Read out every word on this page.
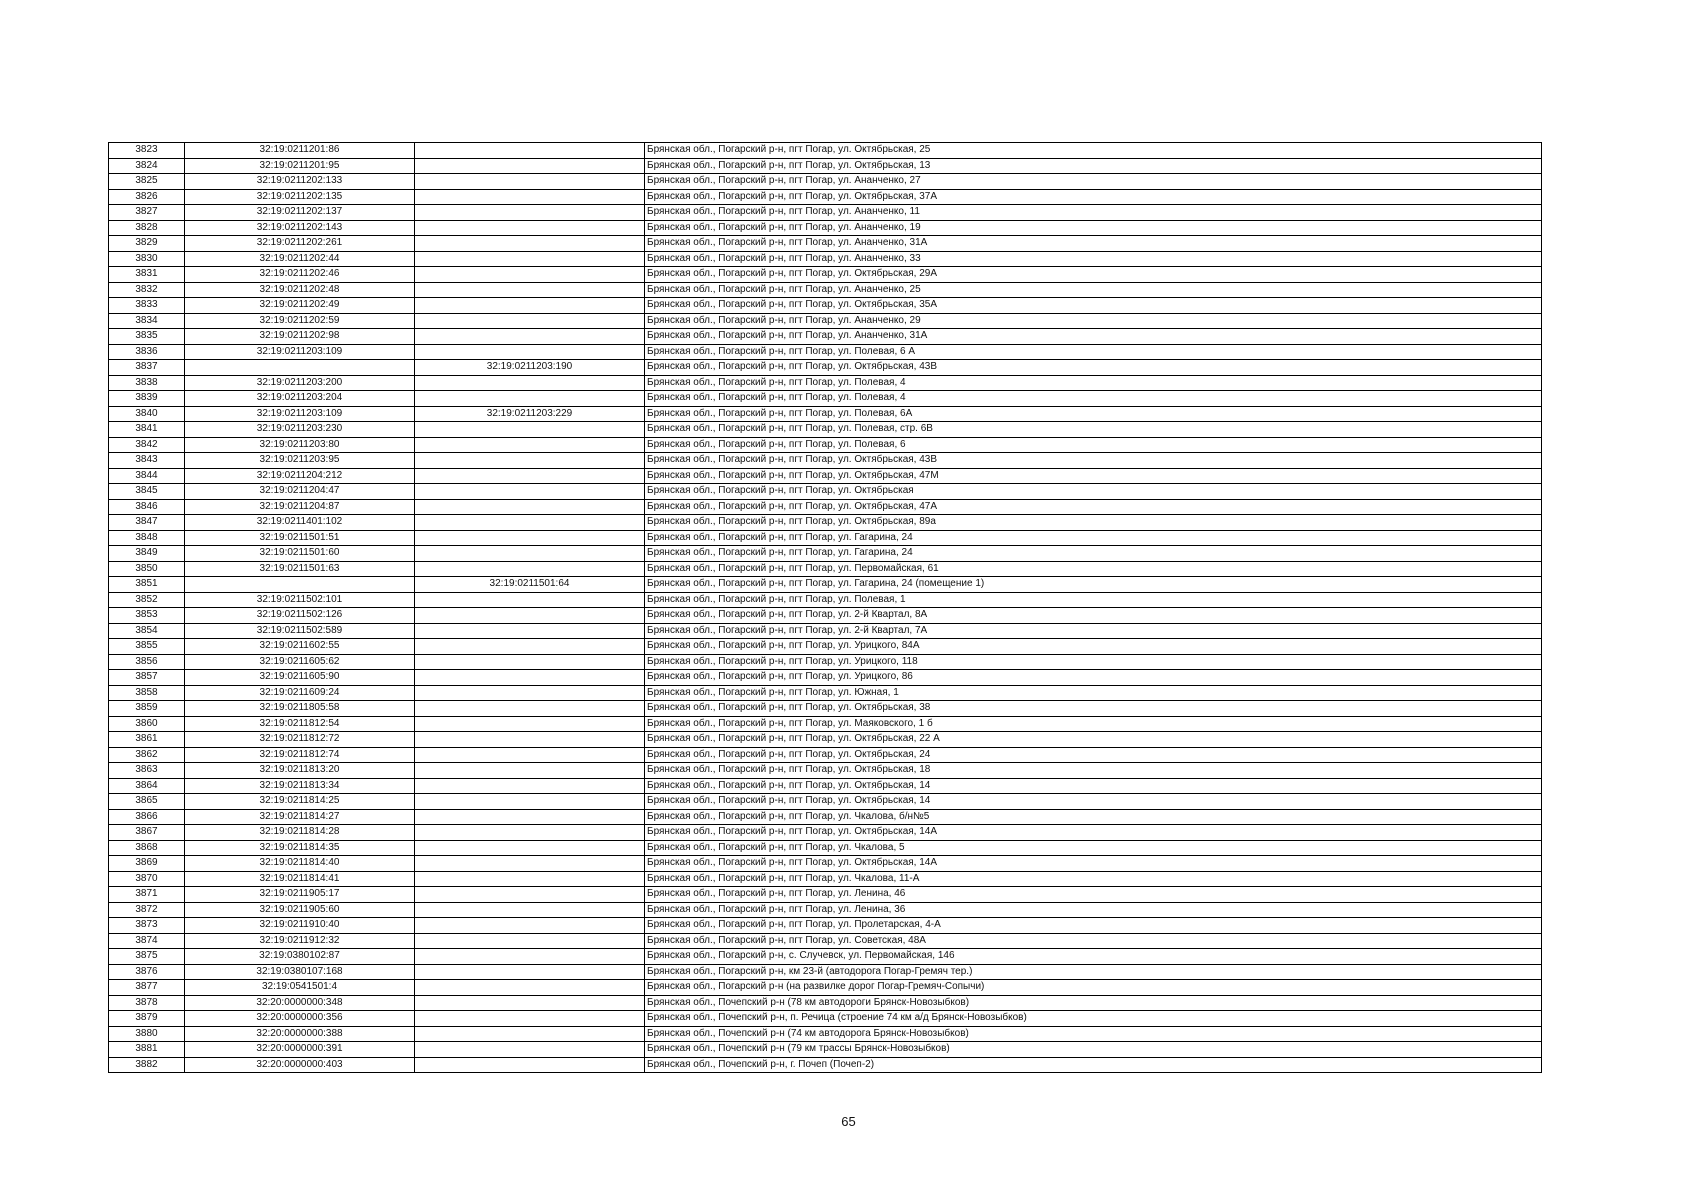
3823	32:19:0211201:86		Брянская обл., Погарский р-н, пгт Погар, ул. Октябрьская, 25
3824	32:19:0211201:95		Брянская обл., Погарский р-н, пгт Погар, ул. Октябрьская, 13
3825	32:19:0211202:133		Брянская обл., Погарский р-н, пгт Погар, ул. Ананченко, 27
3826	32:19:0211202:135		Брянская обл., Погарский р-н, пгт Погар, ул. Октябрьская, 37А
3827	32:19:0211202:137		Брянская обл., Погарский р-н, пгт Погар, ул. Ананченко, 11
3828	32:19:0211202:143		Брянская обл., Погарский р-н, пгт Погар, ул. Ананченко, 19
3829	32:19:0211202:261		Брянская обл., Погарский р-н, пгт Погар, ул. Ананченко, 31А
3830	32:19:0211202:44		Брянская обл., Погарский р-н, пгт Погар, ул. Ананченко, 33
3831	32:19:0211202:46		Брянская обл., Погарский р-н, пгт Погар, ул. Октябрьская, 29А
3832	32:19:0211202:48		Брянская обл., Погарский р-н, пгт Погар, ул. Ананченко, 25
3833	32:19:0211202:49		Брянская обл., Погарский р-н, пгт Погар, ул. Октябрьская, 35А
3834	32:19:0211202:59		Брянская обл., Погарский р-н, пгт Погар, ул. Ананченко, 29
3835	32:19:0211202:98		Брянская обл., Погарский р-н, пгт Погар, ул. Ананченко, 31А
3836	32:19:0211203:109		Брянская обл., Погарский р-н, пгт Погар, ул. Полевая, 6 А
3837		32:19:0211203:190	Брянская обл., Погарский р-н, пгт Погар, ул. Октябрьская, 43В
3838	32:19:0211203:200		Брянская обл., Погарский р-н, пгт Погар, ул. Полевая, 4
3839	32:19:0211203:204		Брянская обл., Погарский р-н, пгт Погар, ул. Полевая, 4
3840	32:19:0211203:109	32:19:0211203:229	Брянская обл., Погарский р-н, пгт Погар, ул. Полевая, 6А
3841	32:19:0211203:230		Брянская обл., Погарский р-н, пгт Погар, ул. Полевая, стр. 6В
3842	32:19:0211203:80		Брянская обл., Погарский р-н, пгт Погар, ул. Полевая, 6
3843	32:19:0211203:95		Брянская обл., Погарский р-н, пгт Погар, ул. Октябрьская, 43В
3844	32:19:0211204:212		Брянская обл., Погарский р-н, пгт Погар, ул. Октябрьская, 47М
3845	32:19:0211204:47		Брянская обл., Погарский р-н, пгт Погар, ул. Октябрьская
3846	32:19:0211204:87		Брянская обл., Погарский р-н, пгт Погар, ул. Октябрьская, 47А
3847	32:19:0211401:102		Брянская обл., Погарский р-н, пгт Погар, ул. Октябрьская, 89а
3848	32:19:0211501:51		Брянская обл., Погарский р-н, пгт Погар, ул. Гагарина, 24
3849	32:19:0211501:60		Брянская обл., Погарский р-н, пгт Погар, ул. Гагарина, 24
3850	32:19:0211501:63		Брянская обл., Погарский р-н, пгт Погар, ул. Первомайская, 61
3851		32:19:0211501:64	Брянская обл., Погарский р-н, пгт Погар, ул. Гагарина, 24 (помещение 1)
3852	32:19:0211502:101		Брянская обл., Погарский р-н, пгт Погар, ул. Полевая, 1
3853	32:19:0211502:126		Брянская обл., Погарский р-н, пгт Погар, ул. 2-й Квартал, 8А
3854	32:19:0211502:589		Брянская обл., Погарский р-н, пгт Погар, ул. 2-й Квартал, 7А
3855	32:19:0211602:55		Брянская обл., Погарский р-н, пгт Погар, ул. Урицкого, 84А
3856	32:19:0211605:62		Брянская обл., Погарский р-н, пгт Погар, ул. Урицкого, 118
3857	32:19:0211605:90		Брянская обл., Погарский р-н, пгт Погар, ул. Урицкого, 86
3858	32:19:0211609:24		Брянская обл., Погарский р-н, пгт Погар, ул. Южная, 1
3859	32:19:0211805:58		Брянская обл., Погарский р-н, пгт Погар, ул. Октябрьская, 38
3860	32:19:0211812:54		Брянская обл., Погарский р-н, пгт Погар, ул. Маяковского, 1 б
3861	32:19:0211812:72		Брянская обл., Погарский р-н, пгт Погар, ул. Октябрьская, 22 А
3862	32:19:0211812:74		Брянская обл., Погарский р-н, пгт Погар, ул. Октябрьская, 24
3863	32:19:0211813:20		Брянская обл., Погарский р-н, пгт Погар, ул. Октябрьская, 18
3864	32:19:0211813:34		Брянская обл., Погарский р-н, пгт Погар, ул. Октябрьская, 14
3865	32:19:0211814:25		Брянская обл., Погарский р-н, пгт Погар, ул. Октябрьская, 14
3866	32:19:0211814:27		Брянская обл., Погарский р-н, пгт Погар, ул. Чкалова, б/н№5
3867	32:19:0211814:28		Брянская обл., Погарский р-н, пгт Погар, ул. Октябрьская, 14А
3868	32:19:0211814:35		Брянская обл., Погарский р-н, пгт Погар, ул. Чкалова, 5
3869	32:19:0211814:40		Брянская обл., Погарский р-н, пгт Погар, ул. Октябрьская, 14А
3870	32:19:0211814:41		Брянская обл., Погарский р-н, пгт Погар, ул. Чкалова, 11-А
3871	32:19:0211905:17		Брянская обл., Погарский р-н, пгт Погар, ул. Ленина, 46
3872	32:19:0211905:60		Брянская обл., Погарский р-н, пгт Погар, ул. Ленина, 36
3873	32:19:0211910:40		Брянская обл., Погарский р-н, пгт Погар, ул. Пролетарская, 4-А
3874	32:19:0211912:32		Брянская обл., Погарский р-н, пгт Погар, ул. Советская, 48А
3875	32:19:0380102:87		Брянская обл., Погарский р-н, с. Случевск, ул. Первомайская, 146
3876	32:19:0380107:168		Брянская обл., Погарский р-н, км 23-й (автодорога Погар-Гремяч тер.)
3877	32:19:0541501:4		Брянская обл., Погарский р-н (на развилке дорог Погар-Гремяч-Сопычи)
3878	32:20:0000000:348		Брянская обл., Почепский р-н (78 км автодороги Брянск-Новозыбков)
3879	32:20:0000000:356		Брянская обл., Почепский р-н, п. Речица (строение 74 км а/д Брянск-Новозыбков)
3880	32:20:0000000:388		Брянская обл., Почепский р-н (74 км автодорога Брянск-Новозыбков)
3881	32:20:0000000:391		Брянская обл., Почепский р-н (79 км трассы Брянск-Новозыбков)
3882	32:20:0000000:403		Брянская обл., Почепский р-н, г. Почеп (Почеп-2)
65
